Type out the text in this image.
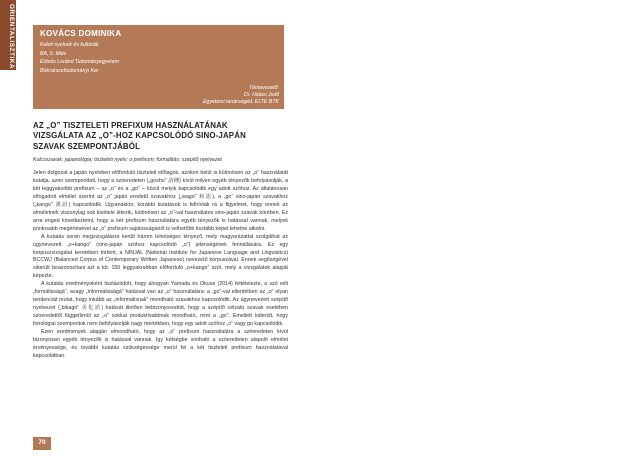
ORIENTALISZTIKA	KOVÁCS DOMINIKA
Keleti nyelvek és kultúrák
BA, 5. félév
Eötvös Loránd Tudományegyetem
Bölcsészettudományi Kar
Témavezető:
Dr. Hidasi Judit
Egyetemi tanársegéd, ELTE BTK
AZ „O” TISZTELETI PREFIXUM HASZNÁLATÁNAK
VIZSGÁLATA AZ „O”-HOZ KAPCSOLÓDÓ SINO-JAPÁN
SZAVAK SZEMPONTJÁBÓL
Kulcsszavak: japanológia; tiszteleti nyelv; o prefixum; formalitás; szépítő nyelvezet

Jelen dolgozat a japán nyelvben előforduló tiszteleti előtagok, azokon belül is különösen az „o” használatát kutatja, azon szempontból, hogy a szóeredeten („goshu” 語種) kívül milyen egyéb tényezők befolyásolják, a két leggyakoribb prefixum – az „o” és a „go” – közül melyik kapcsolódik egy adott szóhoz. Az általánosan elfogadott elmélet szerint az „o” japán eredetű szavakhoz („wago” 和語), a „go” sino-japán szavakhoz („kango” 漢語) kapcsolódik. Ugyanakkor, korábbi kutatások is felhívták rá a figyelmet, hogy ennek az elméletnek viszonylag sok kivétele létezik, különösen az „o”-val használatos sino-japán szavak körében. Ez arra enged következtetni, hogy a két prefixum használatára egyéb tényezők is hatással vannak, melyek pontosabb megértésével az „o” prefixum sajátosságairól is velhetőbb tisztább képet lehetne alkotni.

A kutatás során megvizsgálásra került három lehetséges tényező, mely magyarázattal szolgálhat az úgynevezett „o+kango” (sino-japán szóhoz kapcsolódó „o”) jelenségének fennállására. Ez egy korpuszvizsgálat keretében történt, a NINJAL (National Institute for Japanese Language and Linguistics) BCCWJ (Balanced Corpus of Contemporary Written Japanese) nevezetű korpuszával. Ennek segítségével sikerült beazonosítani azt a kb. 150 leggyakrabban előforduló „o+kango” szót, mely a vizsgálatok alapját képezte.

A kutatás eredményeként tisztázódott, hogy ahogyan Yamada és Okuse (2014) feltételezte, a szó vélt „formálisságá”, avagy „informálisságá” hatással van az „o” használatára: a „go”-val ellentétben az „o” olyan tendenciát mutat, hogy inkább az „informálisnak” mondható szavakhoz kapcsolódik. Az úgynevezett szépítő nyelvezet („bikago” 美化語) hatását illetően bebizonyosodott, hogy a szépítő célzatú szavak esetében szóeredettől függetlenül az „o” sokkal produktívabbnak mondható, mint a „go”. Emellett kiderült, hogy fonológiai szempontok nem befolyásolják nagy mértékben, hogy egy adott szóhoz „o” vagy go kapcsolódik.

Ezen eredmények alapján elmondható, hogy az „o” prefixum használatára a szóeredeten kívül bizonyosan egyéb tényezők is hatással vannak. Igy kétségbe vonható a szóeredeten alapuló elmélet érvényessége, és további kutatás szükségessége merül fel a két tiszteleti prefixum használatával kapcsolatban.

70
